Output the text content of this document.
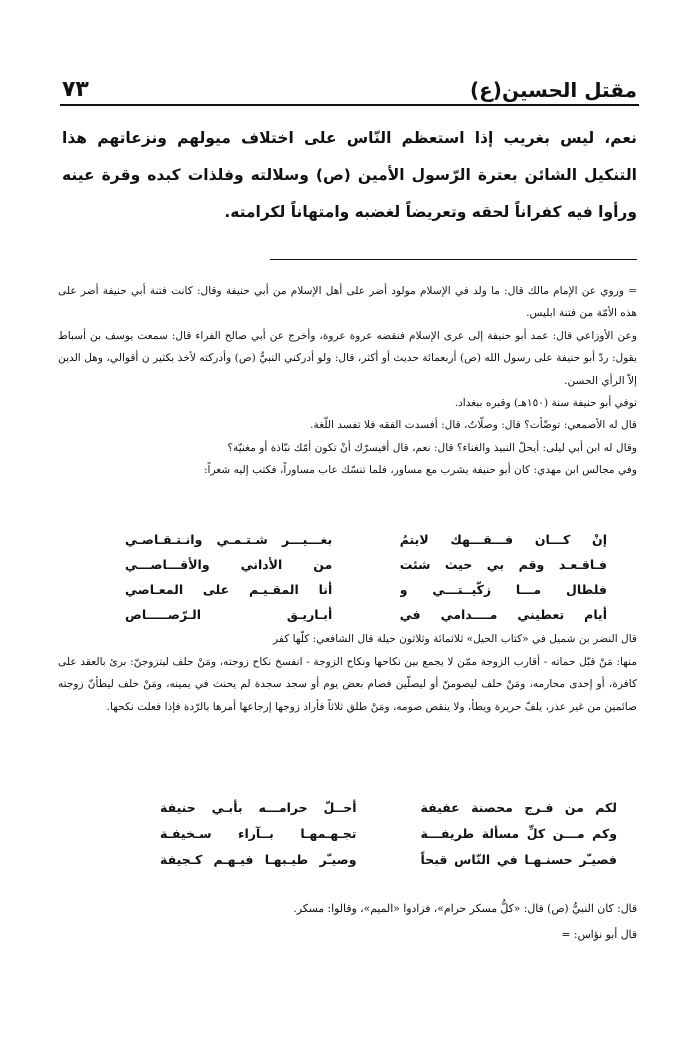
مقتل الحسين(ع)
٧٣

نعم، ليس بغريب إذا استعظم النّاس على اختلاف ميولهم ونزعاتهم هذا التنكيل الشائن بعترة الرّسول الأمين (ص) وسلالته وفلذات كبده وقرة عينه ورأوا فيه كفراناً لحقه وتعريضاً لغضبه وامتهاناً لكرامته.

= وروي عن الإمام مالك قال: ما ولد في الإسلام مولود أضر على أهل الإسلام من أبي حنيفة وقال: كانت فتنة أبي حنيفة أضر على هذه الأمّة من فتنة ابليس.

وعن الأوزاعي قال: عمد أبو حنيفة إلى عرى الإسلام فنقضه عروة عروة، وأخرج عن أبي صالح الفراء قال: سمعت يوسف بن أسباط يقول: ردّ أبو حنيفة على رسول الله (ص) أربعمائة حديث أو أكثر، قال: ولو أدركني النبيُّ (ص) وأدركته لأخذ بكثير ن أقوالي، وهل الدين إلاّ الرأي الحسن.

توفي أبو حنيفة سنة (١٥٠هـ) وقبره ببغداد.

قال له الأصمعي: توضّأت؟ قال: وصلّاتُ، قال: أفسدت الفقه فلا تفسد اللّغة.

وقال له ابن أبي ليلى: أيحلّ النبيذ والغناء؟ قال: نعم، قال أفيسرّك أنْ تكون أمّك نبّاذة أو مغنيّة؟

وفي مجالس ابن مهدي: كان أبو حنيفة يشرب مع مساور، فلما تنسّك عاب مساوراً، فكتب إليه شعراً:

إنْ كـــان فـــقـــهك لايتمُ
بغـــيـــر شـتـمـي وانـتـقـاصـي
فـاقـعـد وقم بي حيث شئت
من الأداني والأقـــاصـــي
فلطال مـــا زكّيــتـــي و
أنا المقـيـم على المعـاصي
أيام تعطيني مــــدامي في
أبـاريـق الـرّصـــــاص

قال النضر بن شميل في «كتاب الحيل» ثلاثمائة وثلاثون حيلة قال الشافعي: كلّها كفر

منها: مَنْ قبّل حماته - أقارب الزوجة ممّن لا يجمع بين نكاحها ونكاح الزوجة - انفسخ نكاح زوجته، ومَنْ حلف ليتزوجنّ: برئ بالعقد على كافرة، أو إحدى محارمه، ومَنْ حلف ليصومنّ أو ليصلّين فصام بعض يوم أو سجد سجدة لم يحنث في يمينه، ومَنْ حلف ليطأنّ زوجته صائمين من غير عذر، يلفّ حريرة ويطأ، ولا ينقص صومه، ومَنْ طلق ثلاثاً فأراد زوجها إرجاعها أمرها بالرّدة فإذا فعلت نكحها.

لكم من فـرج محصنة عفيفة
أحــلّ حرامـــه بأبـي حنيفة
وكم مـــن كلِّ مسألة طريفـــة
تجـهـمهـا بــآراء سـخيفـة
فصيـّر حسنـهـا في النّاس قبحاً
وصيـّر طيـبهـا فيـهـم كـجيفة

قال: كان النبيُّ (ص) قال: «كلُّ مسكر حرام»، فزادوا «الميم»، وقالوا: مسكر.

قال أبو نؤاس: =
